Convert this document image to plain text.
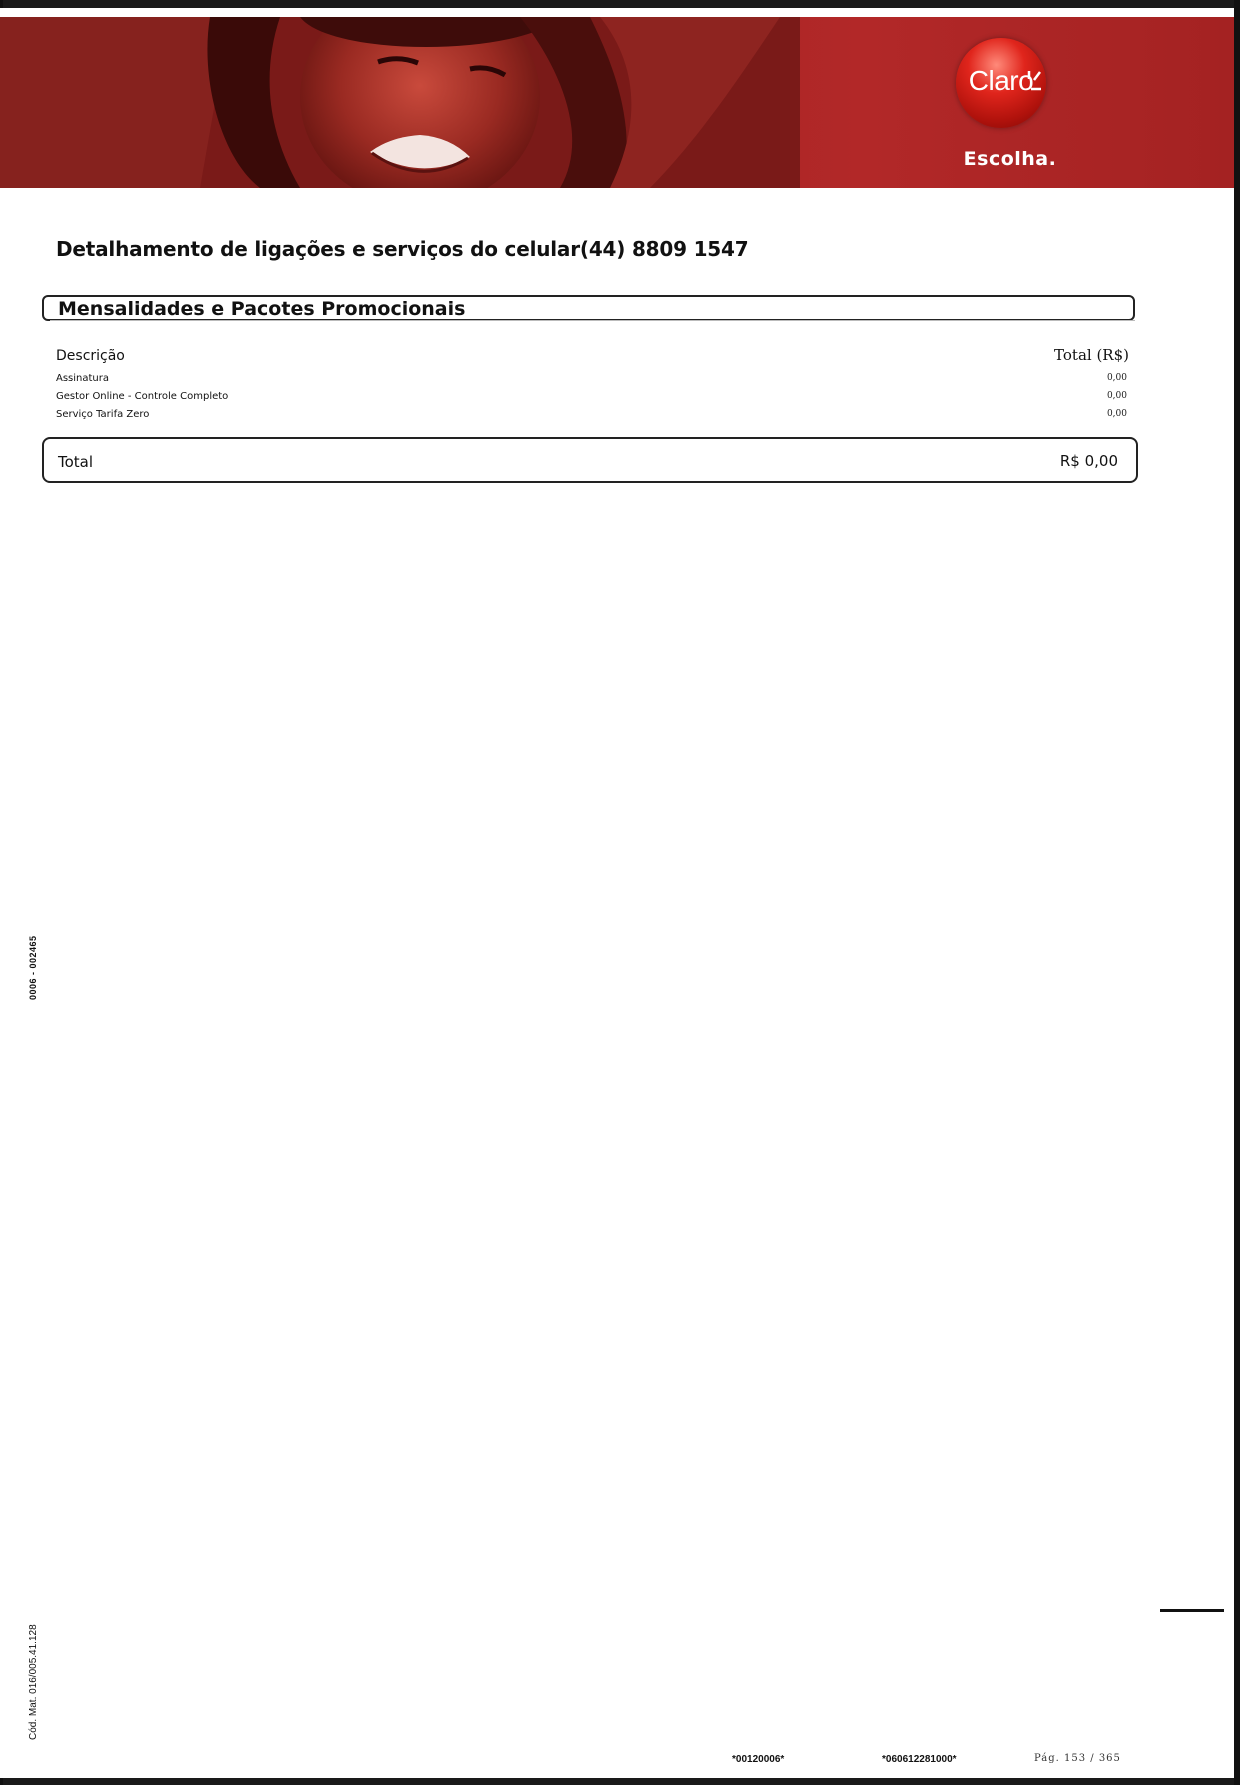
Claro
Escolha.
Detalhamento de ligações e serviços do celular(44) 8809 1547
Mensalidades e Pacotes Promocionais
Descrição	Total (R$)
Assinatura	0,00
Gestor Online - Controle Completo	0,00
Serviço Tarifa Zero	0,00
Total	R$ 0,00
0006 - 002465
Cód. Mat. 016/005.41.128
*00120006*	*060612281000*	Pág. 153 / 365
